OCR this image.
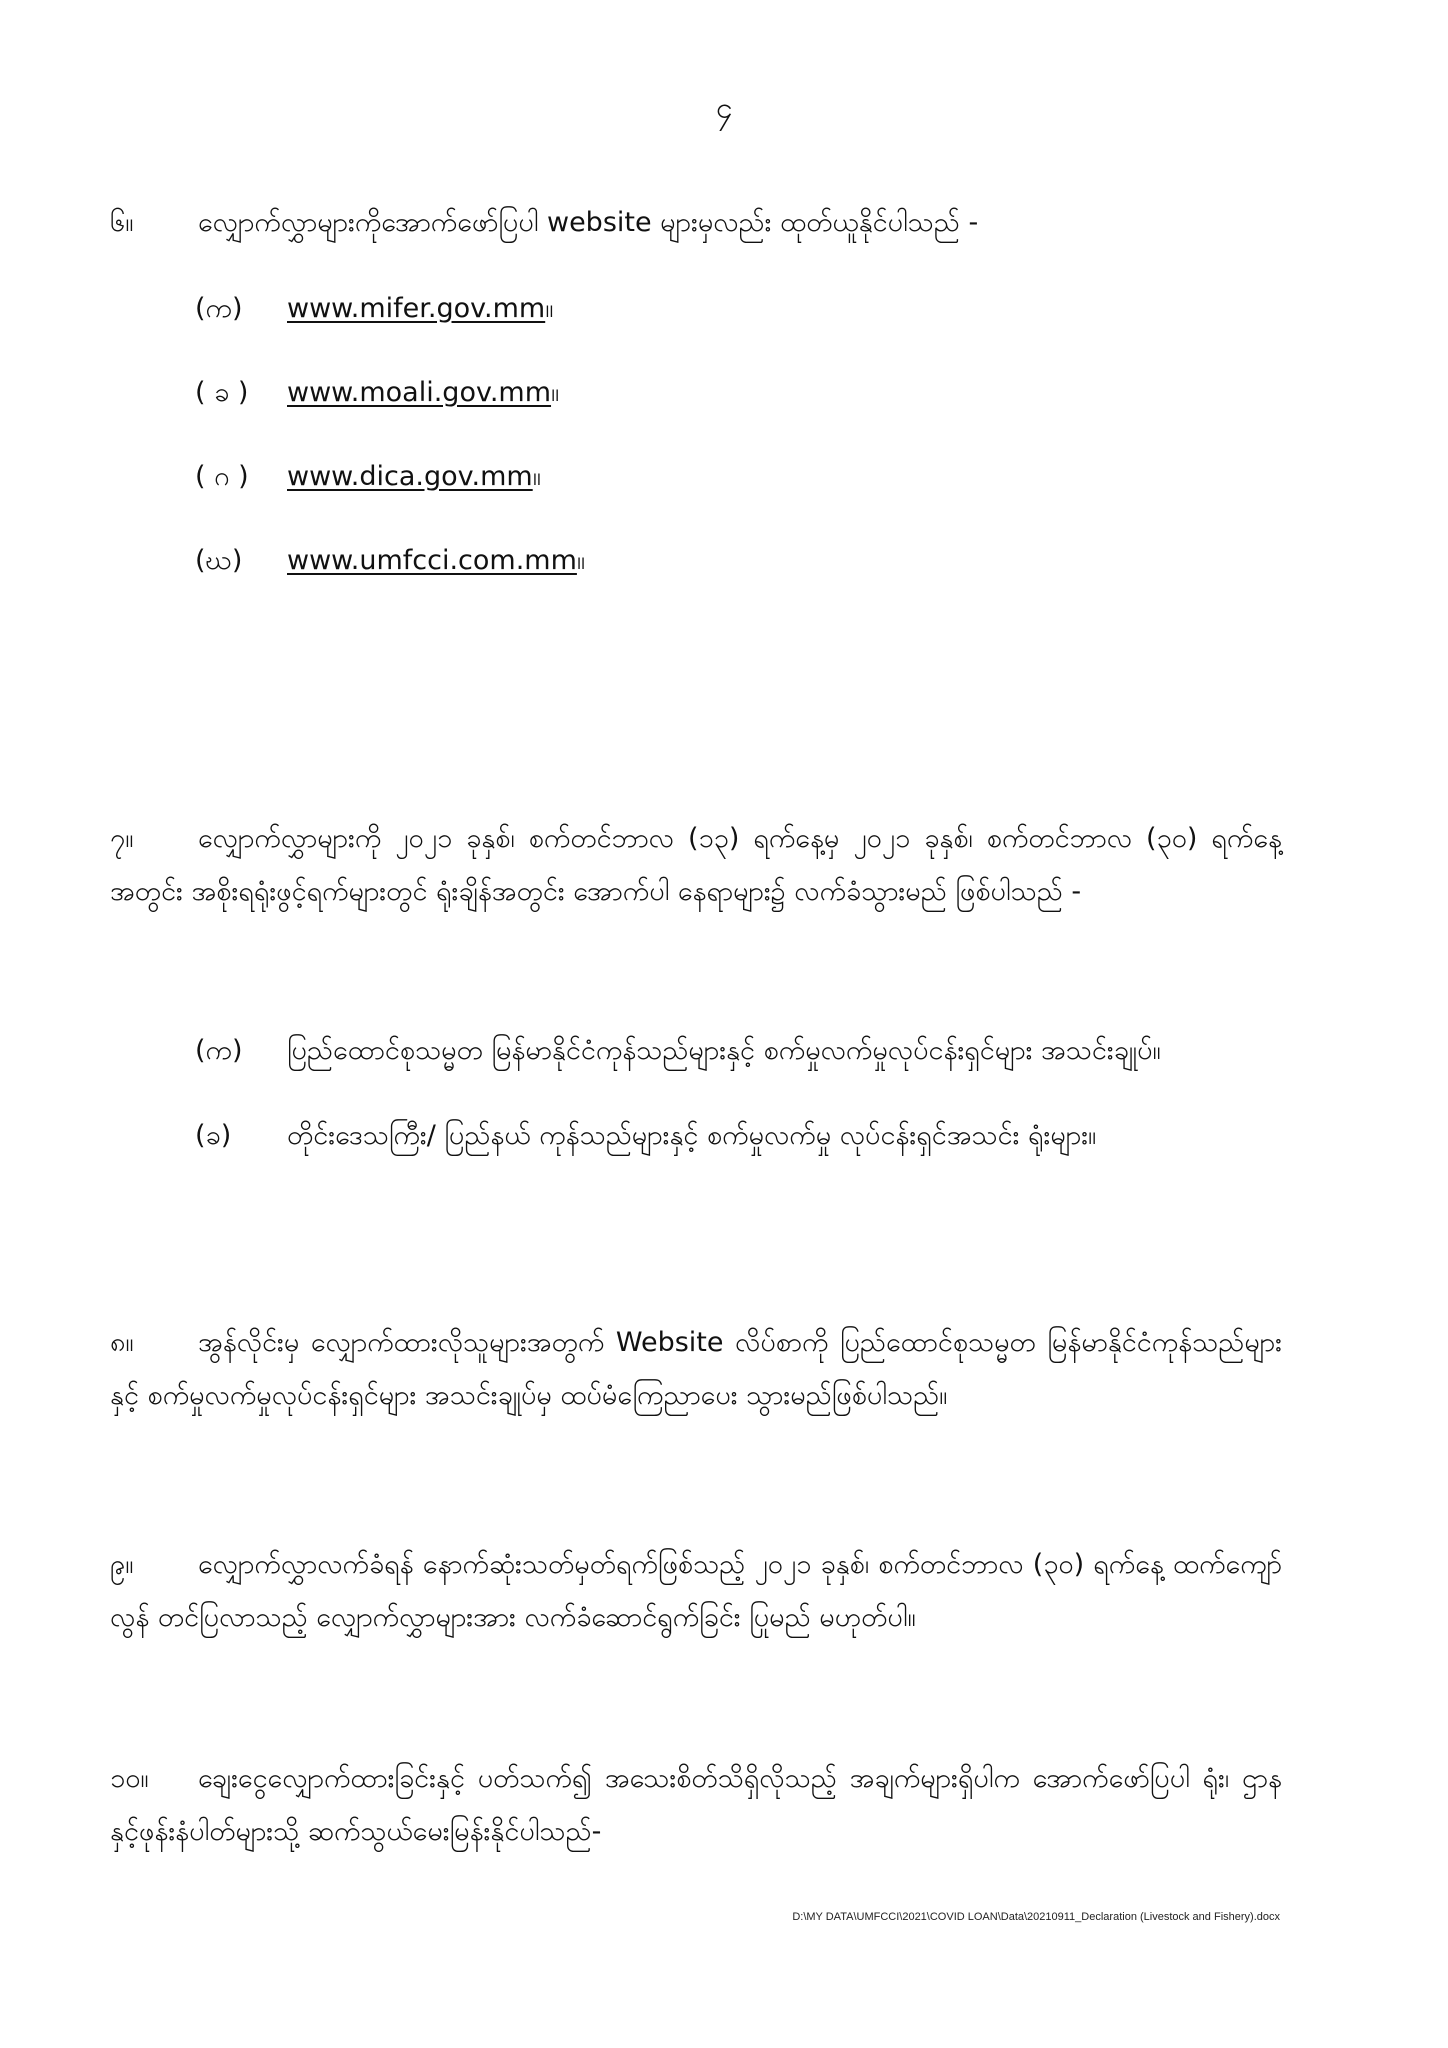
၄
၆။ လျှောက်လွှာများကိုအောက်ဖော်ပြပါ website များမှလည်း ထုတ်ယူနိုင်ပါသည် -
(က)	www.mifer.gov.mm။
( ခ )	www.moali.gov.mm။
( ဂ )	www.dica.gov.mm။
(ဃ)	www.umfcci.com.mm။
၇။ လျှောက်လွှာများကို ၂၀၂၁ ခုနှစ်၊ စက်တင်ဘာလ (၁၃) ရက်နေ့မှ ၂၀၂၁ ခုနှစ်၊ စက်တင်ဘာလ (၃၀) ရက်နေ့အတွင်း အစိုးရရုံးဖွင့်ရက်များတွင် ရုံးချိန်အတွင်း အောက်ပါ နေရာများ၌ လက်ခံသွားမည် ဖြစ်ပါသည် -
(က)	ပြည်ထောင်စုသမ္မတ မြန်မာနိုင်ငံကုန်သည်များနှင့် စက်မှုလက်မှုလုပ်ငန်းရှင်များ အသင်းချုပ်။
(ခ)	တိုင်းဒေသကြီး/ ပြည်နယ် ကုန်သည်များနှင့် စက်မှုလက်မှု လုပ်ငန်းရှင်အသင်း ရုံးများ။
၈။ အွန်လိုင်းမှ လျှောက်ထားလိုသူများအတွက် Website လိပ်စာကို ပြည်ထောင်စုသမ္မတ မြန်မာနိုင်ငံကုန်သည်များနှင့် စက်မှုလက်မှုလုပ်ငန်းရှင်များ အသင်းချုပ်မှ ထပ်မံကြေညာပေး သွားမည်ဖြစ်ပါသည်။
၉။ လျှောက်လွှာလက်ခံရန် နောက်ဆုံးသတ်မှတ်ရက်ဖြစ်သည့် ၂၀၂၁ ခုနှစ်၊ စက်တင်ဘာလ (၃၀) ရက်နေ့ ထက်ကျော်လွန် တင်ပြလာသည့် လျှောက်လွှာများအား လက်ခံဆောင်ရွက်ခြင်း ပြုမည် မဟုတ်ပါ။
၁၀။ ချေးငွေလျှောက်ထားခြင်းနှင့် ပတ်သက်၍ အသေးစိတ်သိရှိလိုသည့် အချက်များရှိပါက အောက်ဖော်ပြပါ ရုံး၊ ဌာနနှင့်ဖုန်းနံပါတ်များသို့ ဆက်သွယ်မေးမြန်းနိုင်ပါသည်-
D:\MY DATA\UMFCCI\2021\COVID LOAN\Data\20210911_Declaration (Livestock and Fishery).docx
